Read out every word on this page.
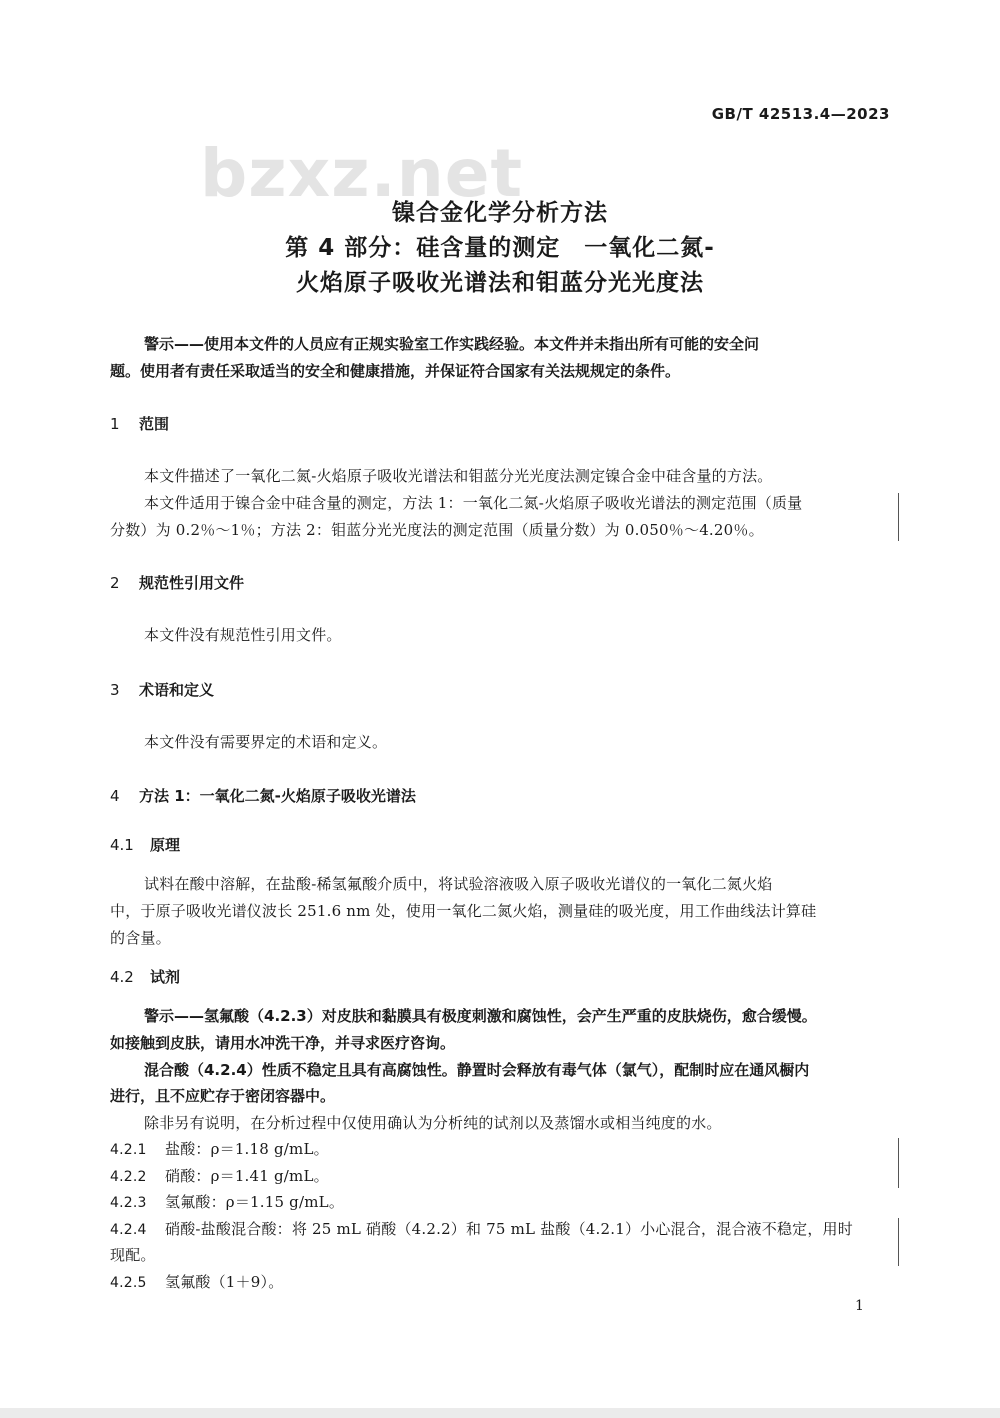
GB/T 42513.4—2023
bzxz.net
镍合金化学分析方法
第 4 部分：硅含量的测定　一氧化二氮-
火焰原子吸收光谱法和钼蓝分光光度法
警示——使用本文件的人员应有正规实验室工作实践经验。本文件并未指出所有可能的安全问
题。使用者有责任采取适当的安全和健康措施，并保证符合国家有关法规规定的条件。
1 范围
本文件描述了一氧化二氮-火焰原子吸收光谱法和钼蓝分光光度法测定镍合金中硅含量的方法。
本文件适用于镍合金中硅含量的测定，方法 1：一氧化二氮-火焰原子吸收光谱法的测定范围（质量
分数）为 0.2％～1％；方法 2：钼蓝分光光度法的测定范围（质量分数）为 0.050％～4.20％。
2 规范性引用文件
本文件没有规范性引用文件。
3 术语和定义
本文件没有需要界定的术语和定义。
4 方法 1：一氧化二氮-火焰原子吸收光谱法
4.1 原理
试料在酸中溶解，在盐酸-稀氢氟酸介质中，将试验溶液吸入原子吸收光谱仪的一氧化二氮火焰
中，于原子吸收光谱仪波长 251.6 nm 处，使用一氧化二氮火焰，测量硅的吸光度，用工作曲线法计算硅
的含量。
4.2 试剂
警示——氢氟酸（4.2.3）对皮肤和黏膜具有极度刺激和腐蚀性，会产生严重的皮肤烧伤，愈合缓慢。
如接触到皮肤，请用水冲洗干净，并寻求医疗咨询。
混合酸（4.2.4）性质不稳定且具有高腐蚀性。静置时会释放有毒气体（氯气），配制时应在通风橱内
进行，且不应贮存于密闭容器中。
除非另有说明，在分析过程中仅使用确认为分析纯的试剂以及蒸馏水或相当纯度的水。
4.2.1 盐酸：ρ＝1.18 g/mL。
4.2.2 硝酸：ρ＝1.41 g/mL。
4.2.3 氢氟酸：ρ＝1.15 g/mL。
4.2.4 硝酸-盐酸混合酸：将 25 mL 硝酸（4.2.2）和 75 mL 盐酸（4.2.1）小心混合，混合液不稳定，用时
现配。
4.2.5 氢氟酸（1＋9）。
1
